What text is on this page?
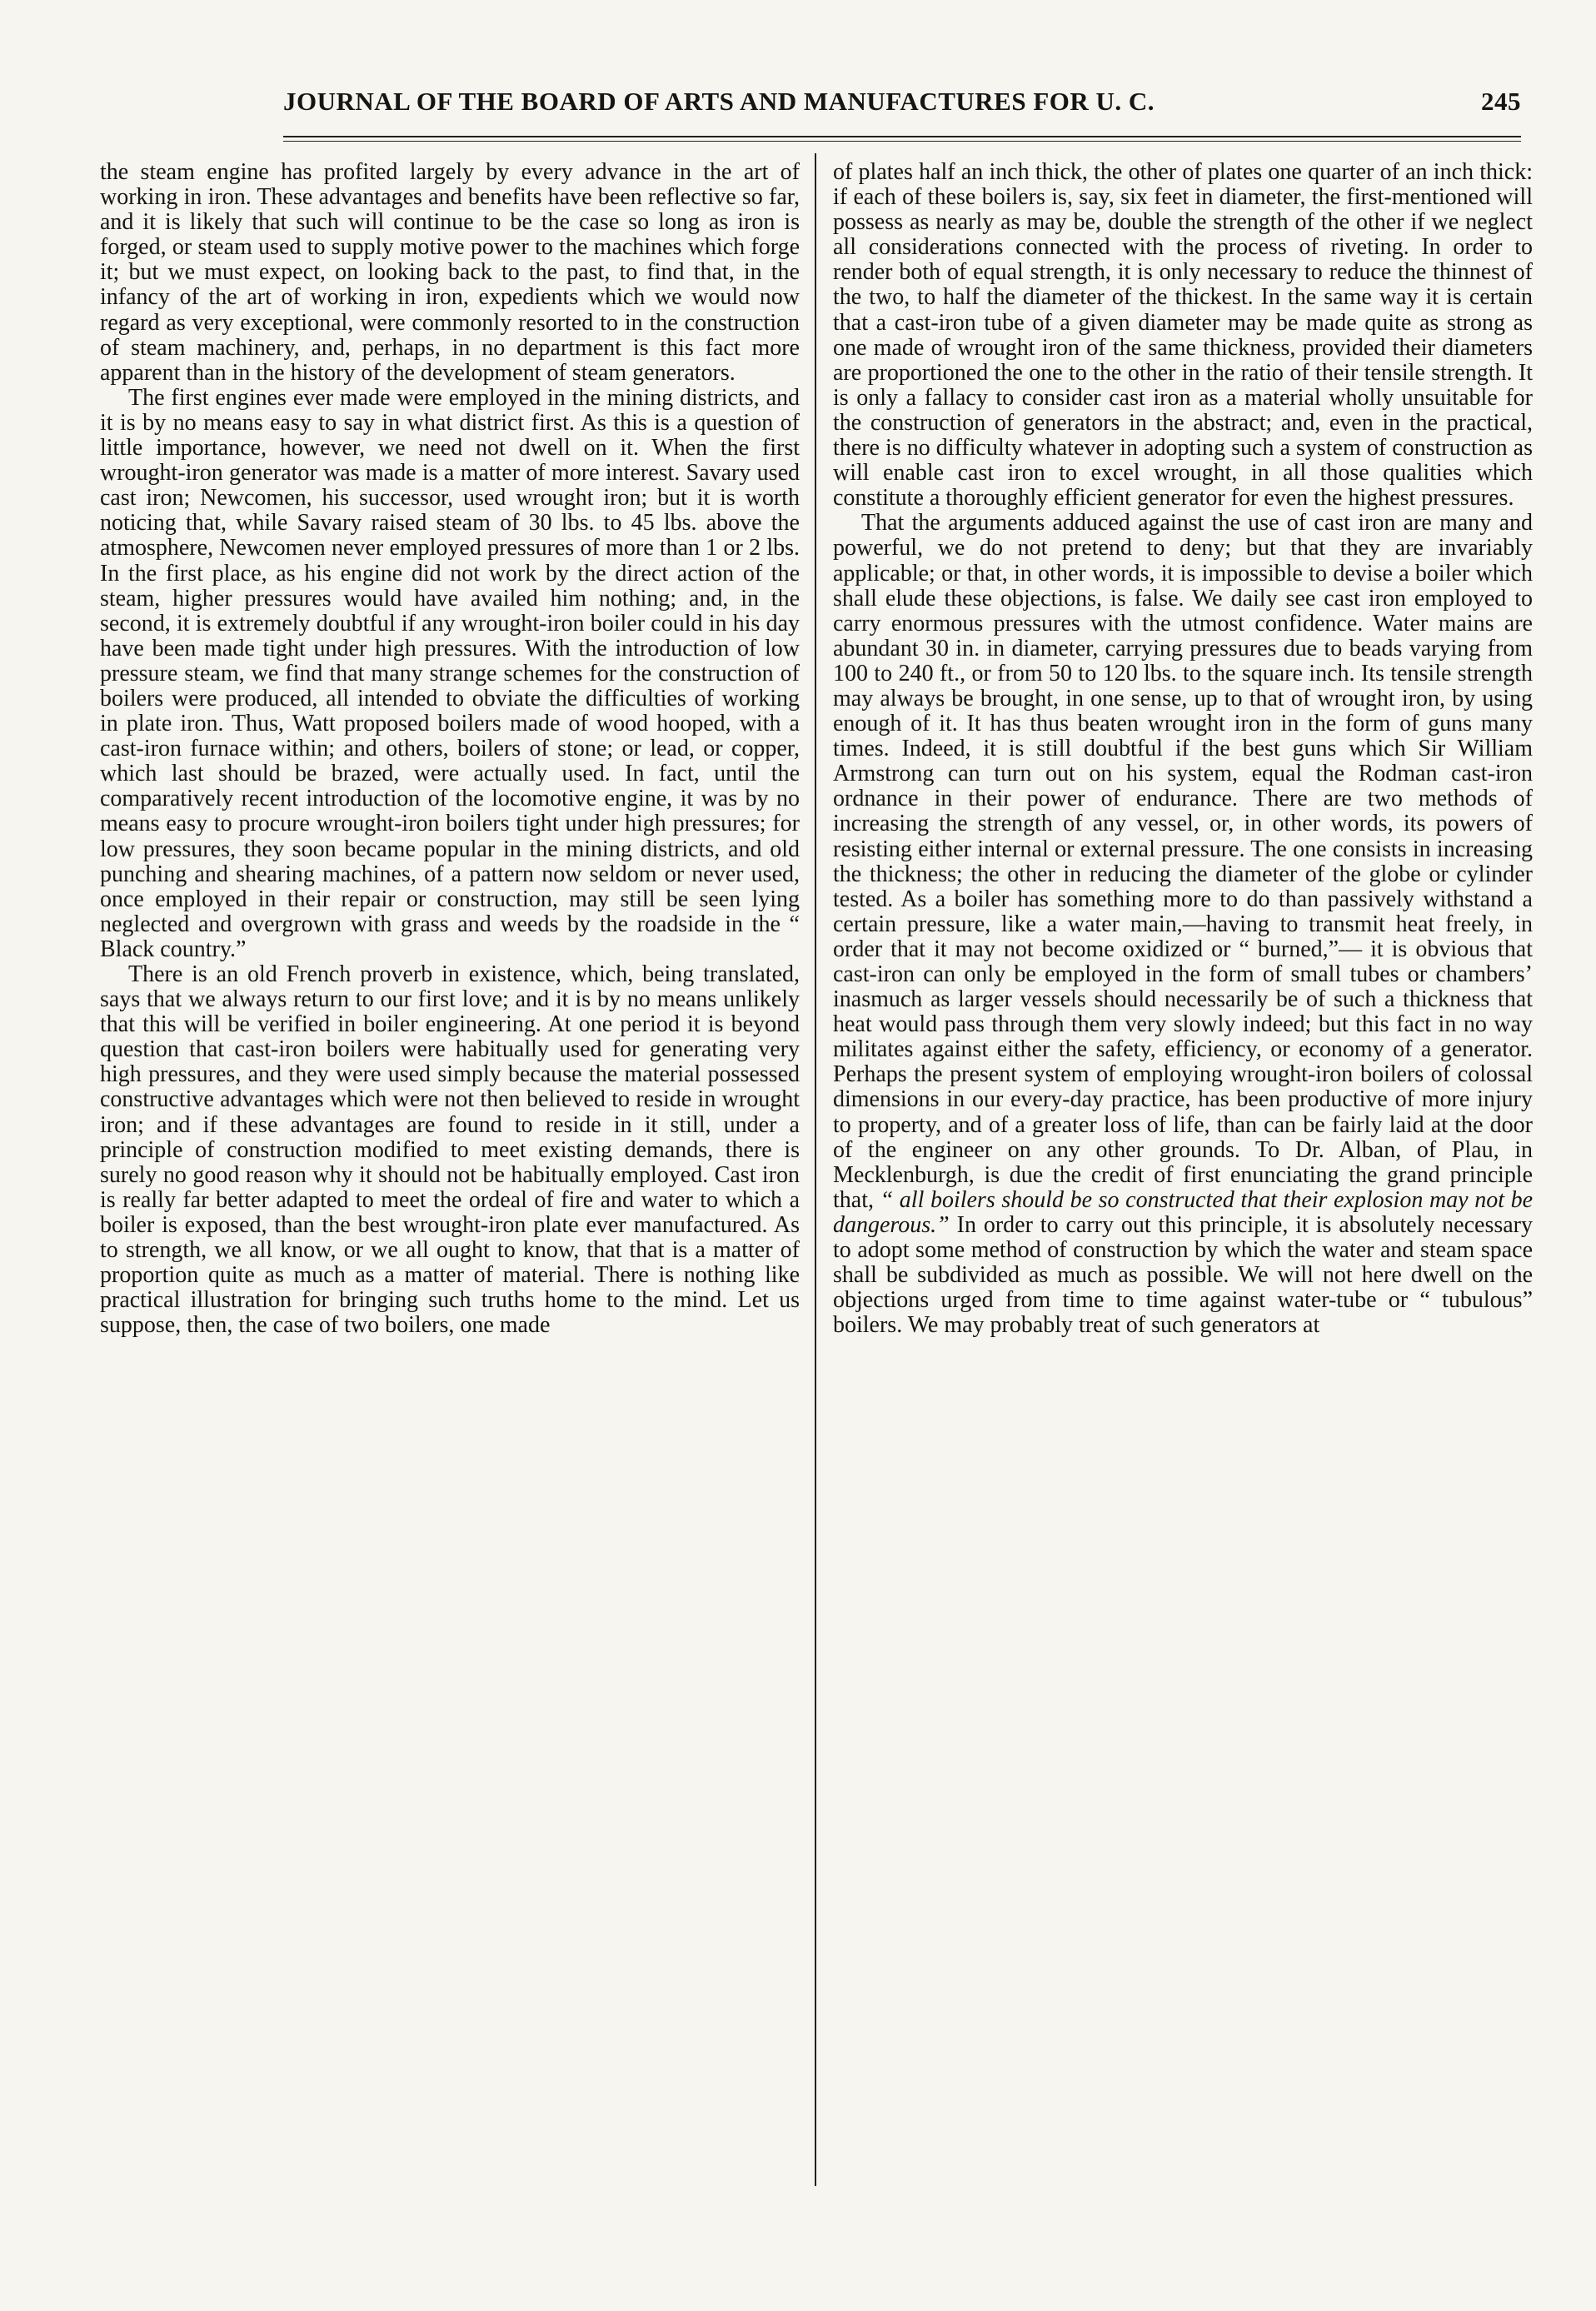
JOURNAL OF THE BOARD OF ARTS AND MANUFACTURES FOR U. C.	245

the steam engine has profited largely by every advance in the art of working in iron. These advantages and benefits have been reflective so far, and it is likely that such will continue to be the case so long as iron is forged, or steam used to supply motive power to the machines which forge it; but we must expect, on looking back to the past, to find that, in the infancy of the art of working in iron, expedients which we would now regard as very exceptional, were commonly resorted to in the construction of steam machinery, and, perhaps, in no department is this fact more apparent than in the history of the development of steam generators.

The first engines ever made were employed in the mining districts, and it is by no means easy to say in what district first. As this is a question of little importance, however, we need not dwell on it. When the first wrought-iron generator was made is a matter of more interest. Savary used cast iron; Newcomen, his successor, used wrought iron; but it is worth noticing that, while Savary raised steam of 30 lbs. to 45 lbs. above the atmosphere, Newcomen never employed pressures of more than 1 or 2 lbs. In the first place, as his engine did not work by the direct action of the steam, higher pressures would have availed him nothing; and, in the second, it is extremely doubtful if any wrought-iron boiler could in his day have been made tight under high pressures. With the introduction of low pressure steam, we find that many strange schemes for the construction of boilers were produced, all intended to obviate the difficulties of working in plate iron. Thus, Watt proposed boilers made of wood hooped, with a cast-iron furnace within; and others, boilers of stone; or lead, or copper, which last should be brazed, were actually used. In fact, until the comparatively recent introduction of the locomotive engine, it was by no means easy to procure wrought-iron boilers tight under high pressures; for low pressures, they soon became popular in the mining districts, and old punching and shearing machines, of a pattern now seldom or never used, once employed in their repair or construction, may still be seen lying neglected and overgrown with grass and weeds by the roadside in the “ Black country.”

There is an old French proverb in existence, which, being translated, says that we always return to our first love; and it is by no means unlikely that this will be verified in boiler engineering. At one period it is beyond question that cast-iron boilers were habitually used for generating very high pressures, and they were used simply because the material possessed constructive advantages which were not then believed to reside in wrought iron; and if these advantages are found to reside in it still, under a principle of construction modified to meet existing demands, there is surely no good reason why it should not be habitually employed. Cast iron is really far better adapted to meet the ordeal of fire and water to which a boiler is exposed, than the best wrought-iron plate ever manufactured. As to strength, we all know, or we all ought to know, that that is a matter of proportion quite as much as a matter of material. There is nothing like practical illustration for bringing such truths home to the mind. Let us suppose, then, the case of two boilers, one made

of plates half an inch thick, the other of plates one quarter of an inch thick: if each of these boilers is, say, six feet in diameter, the first-mentioned will possess as nearly as may be, double the strength of the other if we neglect all considerations connected with the process of riveting. In order to render both of equal strength, it is only necessary to reduce the thinnest of the two, to half the diameter of the thickest. In the same way it is certain that a cast-iron tube of a given diameter may be made quite as strong as one made of wrought iron of the same thickness, provided their diameters are proportioned the one to the other in the ratio of their tensile strength. It is only a fallacy to consider cast iron as a material wholly unsuitable for the construction of generators in the abstract; and, even in the practical, there is no difficulty whatever in adopting such a system of construction as will enable cast iron to excel wrought, in all those qualities which constitute a thoroughly efficient generator for even the highest pressures.

That the arguments adduced against the use of cast iron are many and powerful, we do not pretend to deny; but that they are invariably applicable; or that, in other words, it is impossible to devise a boiler which shall elude these objections, is false. We daily see cast iron employed to carry enormous pressures with the utmost confidence. Water mains are abundant 30 in. in diameter, carrying pressures due to beads varying from 100 to 240 ft., or from 50 to 120 lbs. to the square inch. Its tensile strength may always be brought, in one sense, up to that of wrought iron, by using enough of it. It has thus beaten wrought iron in the form of guns many times. Indeed, it is still doubtful if the best guns which Sir William Armstrong can turn out on his system, equal the Rodman cast-iron ordnance in their power of endurance. There are two methods of increasing the strength of any vessel, or, in other words, its powers of resisting either internal or external pressure. The one consists in increasing the thickness; the other in reducing the diameter of the globe or cylinder tested. As a boiler has something more to do than passively withstand a certain pressure, like a water main,—having to transmit heat freely, in order that it may not become oxidized or “ burned,”— it is obvious that cast-iron can only be employed in the form of small tubes or chambers’ inasmuch as larger vessels should necessarily be of such a thickness that heat would pass through them very slowly indeed; but this fact in no way militates against either the safety, efficiency, or economy of a generator. Perhaps the present system of employing wrought-iron boilers of colossal dimensions in our every-day practice, has been productive of more injury to property, and of a greater loss of life, than can be fairly laid at the door of the engineer on any other grounds. To Dr. Alban, of Plau, in Mecklenburgh, is due the credit of first enunciating the grand principle that, “ all boilers should be so constructed that their explosion may not be dangerous.” In order to carry out this principle, it is absolutely necessary to adopt some method of construction by which the water and steam space shall be subdivided as much as possible. We will not here dwell on the objections urged from time to time against water-tube or “ tubulous” boilers. We may probably treat of such generators at
